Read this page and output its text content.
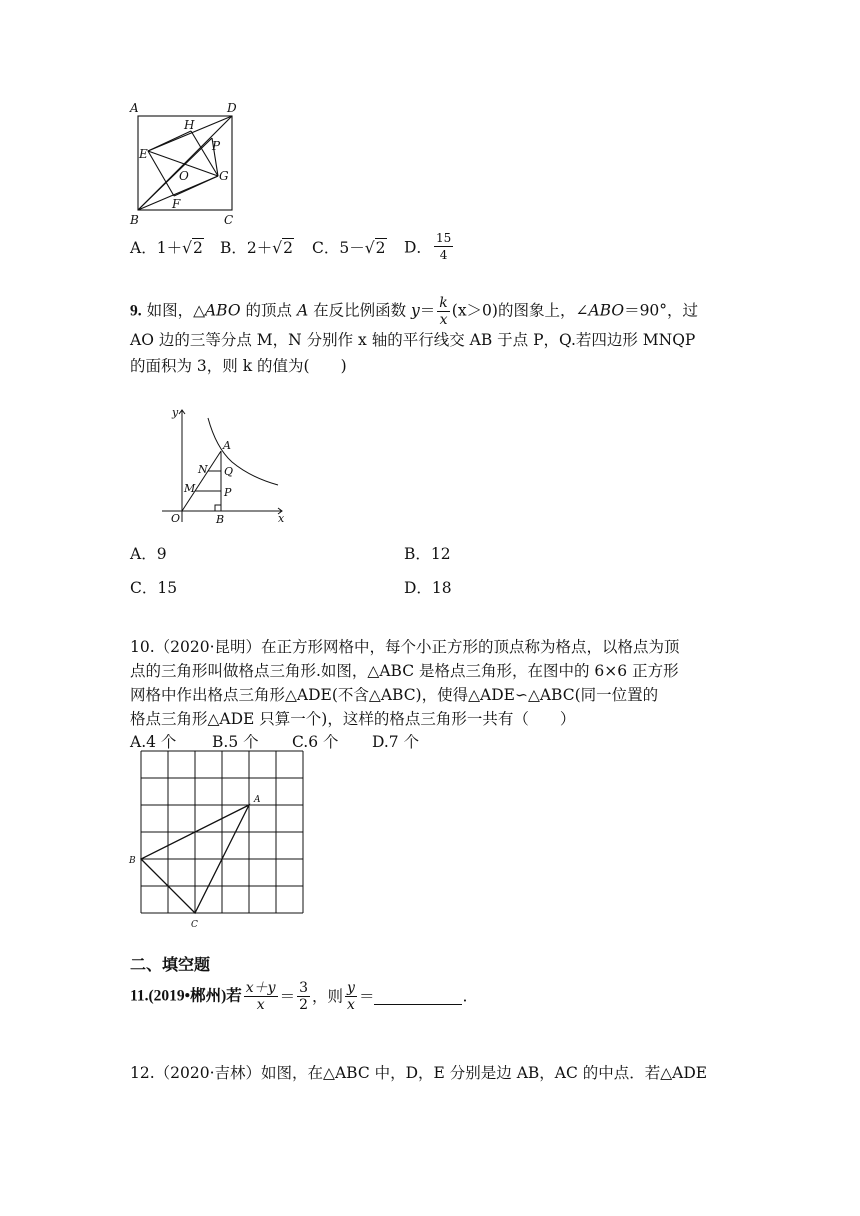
A	D
H
E
P
O	G
F
B	C
A．1＋√2 B．2＋√2 C．5－√2 D． $\frac{15}{4}$
9. 如图，△ABO 的顶点 A 在反比例函数 $y= \frac{k}{x} (x>0)$的图象上，∠ABO＝90°，过
AO 边的三等分点 M，N 分别作 x 轴的平行线交 AB 于点 P，Q.若四边形 MNQP
的面积为 3，则 k 的值为(　　)
y
A
N Q
M	P
O	B	x
A．9	B．12
C．15	D．18
10.（2020·昆明）在正方形网格中，每个小正方形的顶点称为格点，以格点为顶
点的三角形叫做格点三角形.如图，△ABC 是格点三角形，在图中的 6×6 正方形
网格中作出格点三角形△ADE(不含△ABC)，使得△ADE∽△ABC(同一位置的
格点三角形△ADE 只算一个)，这样的格点三角形一共有（　　）
A.4 个 B.5 个 C.6 个 D.7 个
A
B
C
二、填空题
11.(2019•郴州)若 $\frac{x+y}{x} = \frac{3}{2}$ ，则 $\frac{y}{x}$ ＝	.
12.（2020·吉林）如图，在△ABC 中，D，E 分别是边 AB，AC 的中点．若△ADE
